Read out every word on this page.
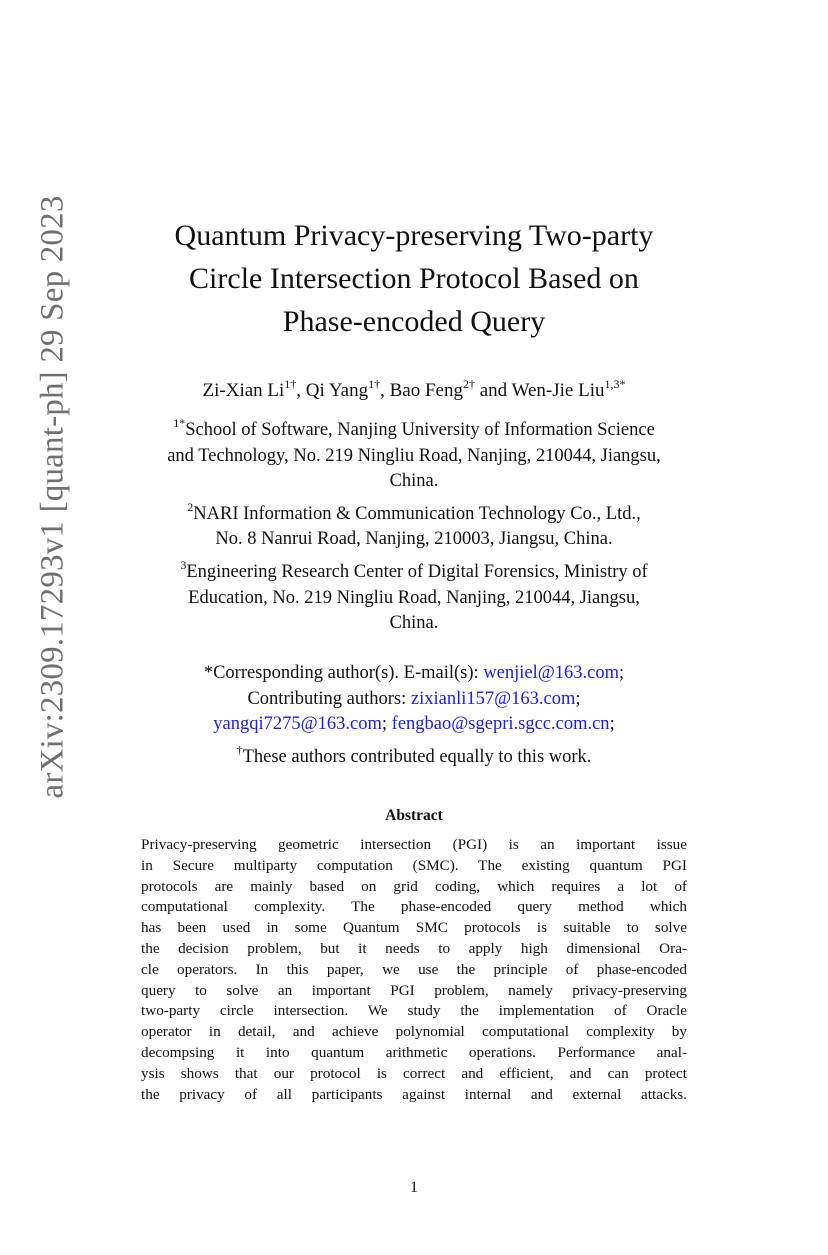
arXiv:2309.17293v1 [quant-ph] 29 Sep 2023	Quantum Privacy-preserving Two-party
Circle Intersection Protocol Based on
Phase-encoded Query
Zi-Xian $Li^{1\dagger}$, Qi Yang$^{1\dagger}$, Bao Feng$^{2\dagger}$ and Wen-Jie Liu$^{1,3*}$
$^{1*}$School of Software, Nanjing University of Information Science
and Technology, No. 219 Ningliu Road, Nanjing, 210044, Jiangsu,
China.
$^2$NARI Information & Communication Technology Co., Ltd.,
No. 8 Nanrui Road, Nanjing, 210003, Jiangsu, China.
$^3$Engineering Research Center of Digital Forensics, Ministry of
Education, No. 219 Ningliu Road, Nanjing, 210044, Jiangsu,
China.
*Corresponding author(s). E-mail(s): wenjiel@163.com;
Contributing authors: zixianli157@163.com;
yangqi7275@163.com; fengbao@sgepri.sgcc.com.cn;
†These authors contributed equally to this work.
Abstract
Privacy-preserving geometric intersection (PGI) is an important issue
in Secure multiparty computation (SMC). The existing quantum PGI
protocols are mainly based on grid coding, which requires a lot of
computational complexity. The phase-encoded query method which
has been used in some Quantum SMC protocols is suitable to solve
the decision problem, but it needs to apply high dimensional Ora-
cle operators. In this paper, we use the principle of phase-encoded
query to solve an important PGI problem, namely privacy-preserving
two-party circle intersection. We study the implementation of Oracle
operator in detail, and achieve polynomial computational complexity by
decompsing it into quantum arithmetic operations. Performance anal-
ysis shows that our protocol is correct and efficient, and can protect
the privacy of all participants against internal and external attacks.
1
